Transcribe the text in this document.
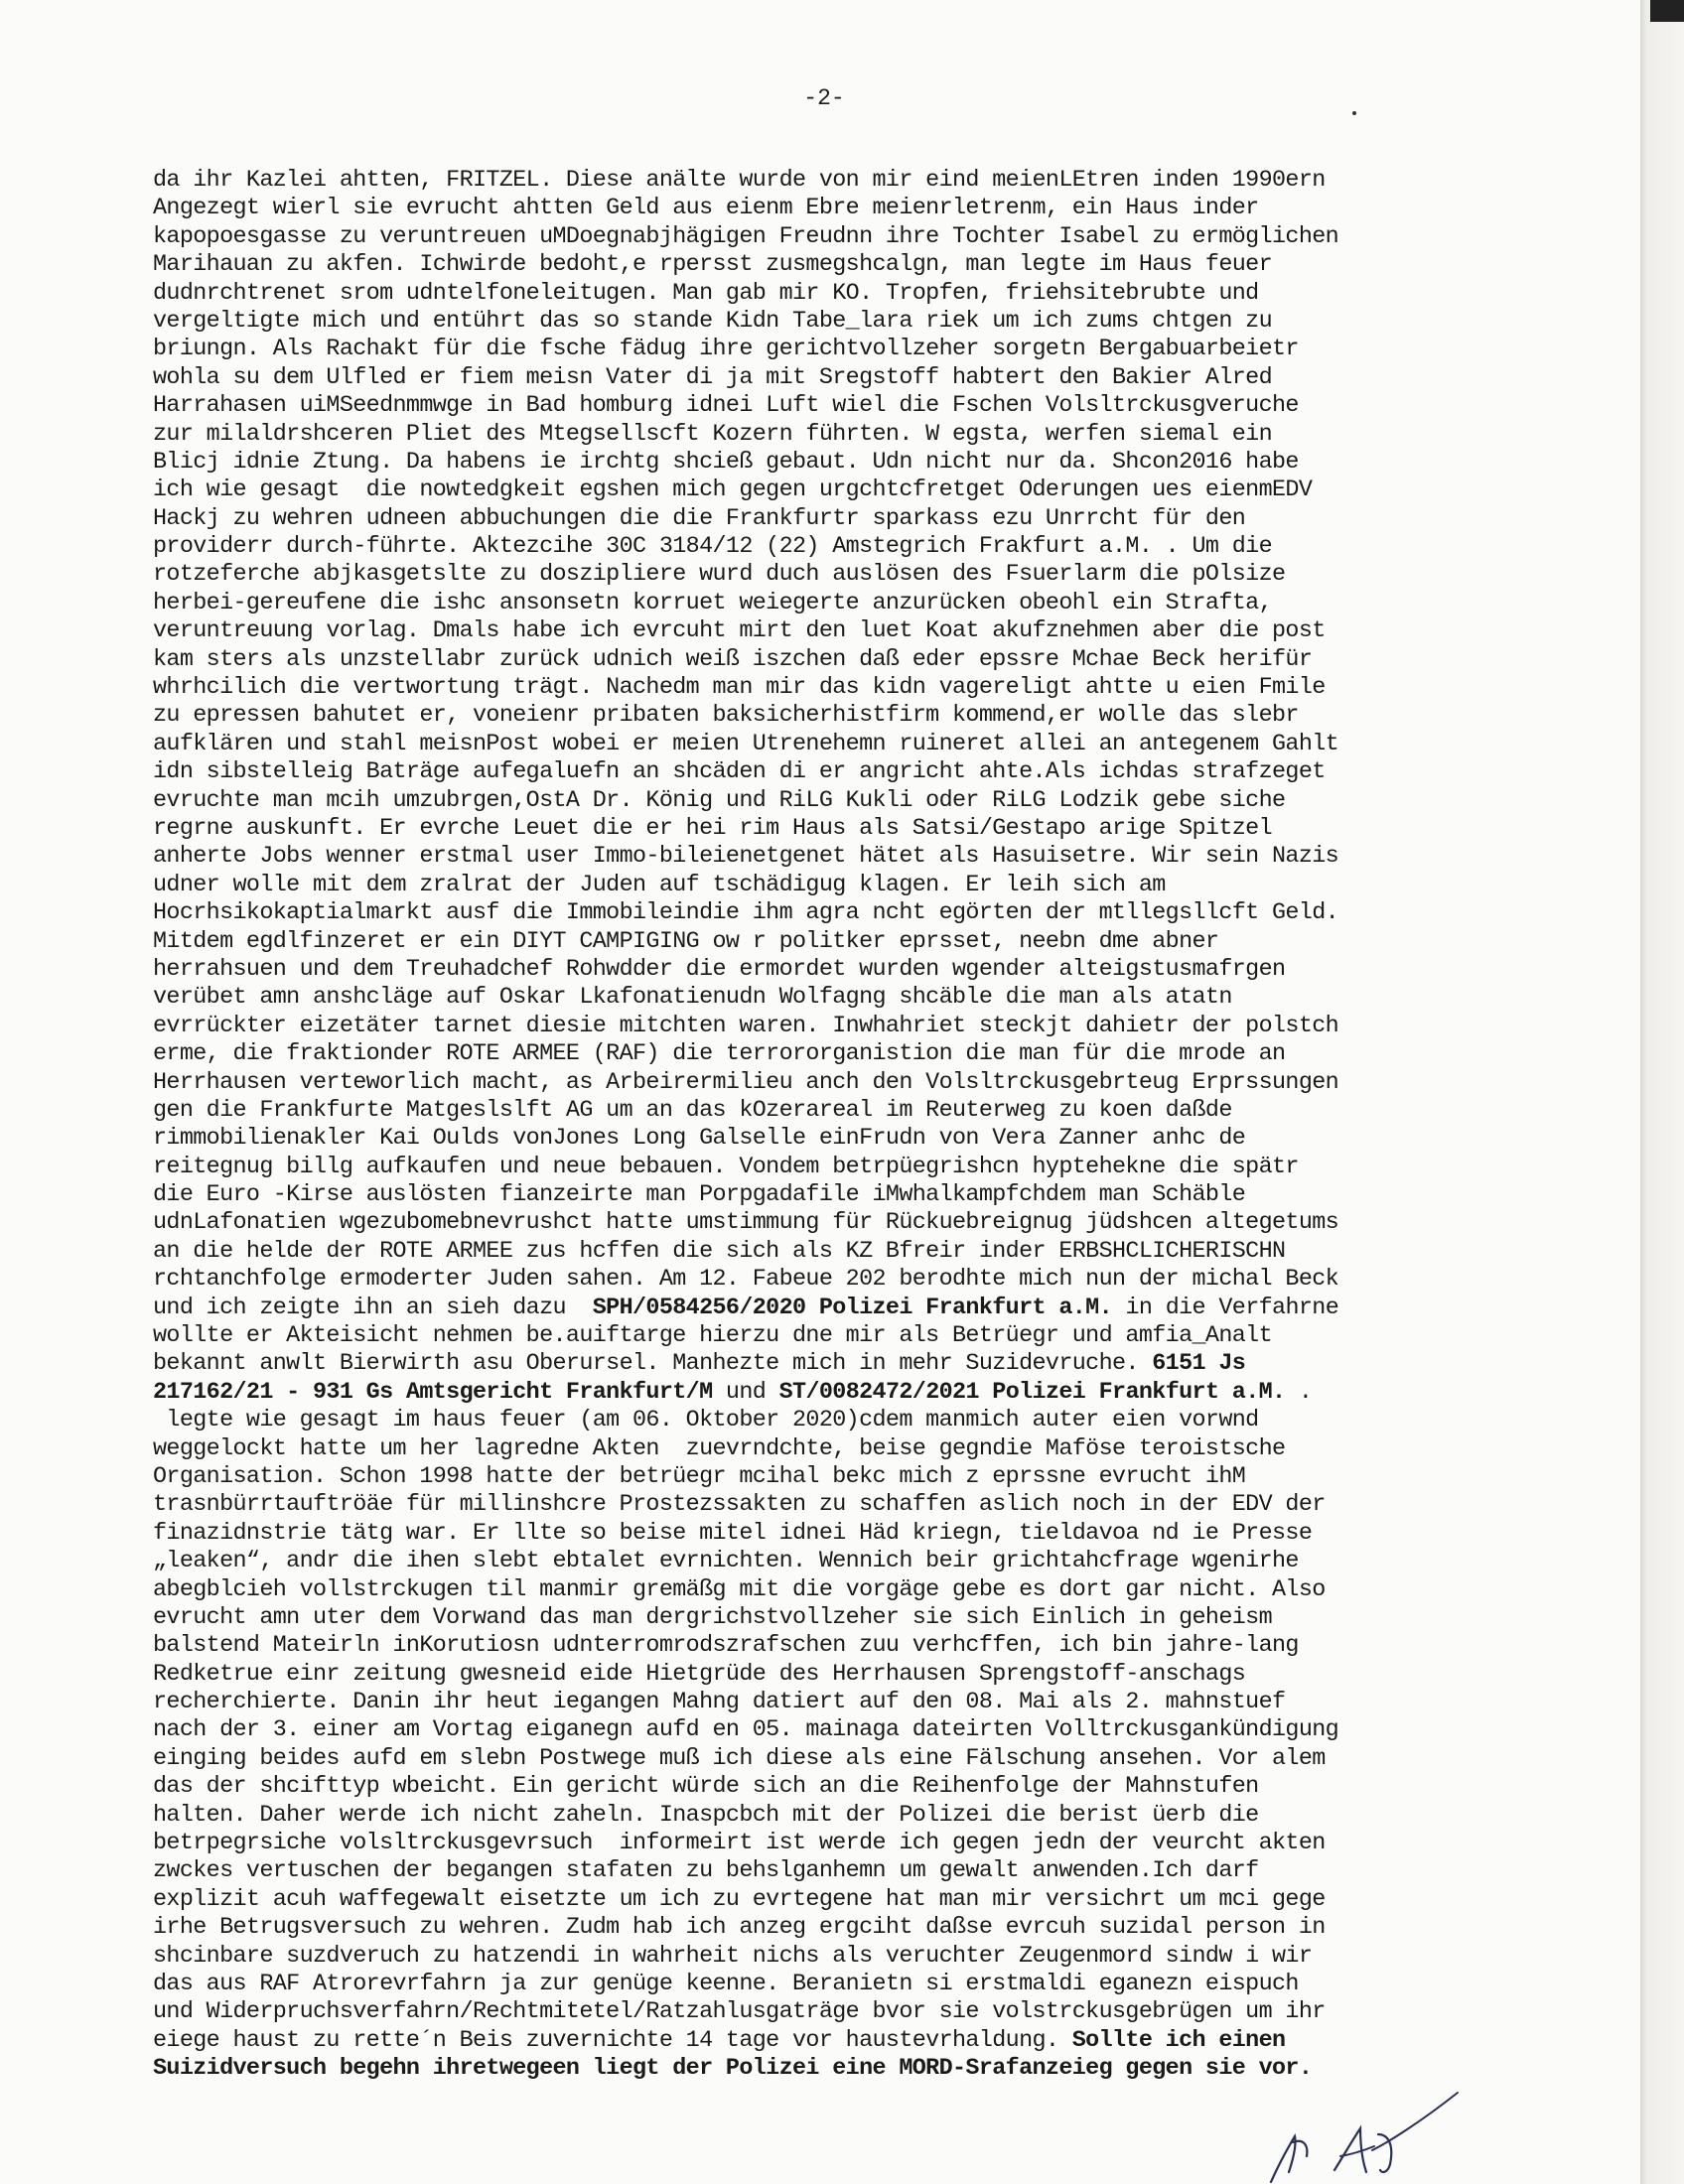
-2-
da ihr Kazlei ahtten, FRITZEL. Diese anälte wurde von mir eind meienLEtren inden 1990ern
Angezegt wierl sie evrucht ahtten Geld aus eienm Ebre meienrletrenm, ein Haus inder
kapopoesgasse zu veruntreuen uMDoegnabjhägigen Freudnn ihre Tochter Isabel zu ermöglichen
Marihauan zu akfen. Ichwirde bedoht,e rpersst zusmegshcalgn, man legte im Haus feuer
dudnrchtrenet srom udntelfoneleitugen. Man gab mir KO. Tropfen, friehsitebrubte und
vergeltigte mich und entührt das so stande Kidn Tabe_lara riek um ich zums chtgen zu
briungn. Als Rachakt für die fsche fädug ihre gerichtvollzeher sorgetn Bergabuarbeietr
wohla su dem Ulfled er fiem meisn Vater di ja mit Sregstoff habtert den Bakier Alred
Harrahasen uiMSeednmmwge in Bad homburg idnei Luft wiel die Fschen Volsltrckusgveruche
zur milaldrshceren Pliet des Mtegsellscft Kozern führten. W egsta, werfen siemal ein
Blicj idnie Ztung. Da habens ie irchtg shcieß gebaut. Udn nicht nur da. Shcon2016 habe
ich wie gesagt  die nowtedgkeit egshen mich gegen urgchtcfretget Oderungen ues eienmEDV
Hackj zu wehren udneen abbuchungen die die Frankfurtr sparkass ezu Unrrcht für den
providerr durch-führte. Aktezcihe 30C 3184/12 (22) Amstegrich Frakfurt a.M. . Um die
rotzeferche abjkasgetslte zu doszipliere wurd duch auslösen des Fsuerlarm die pOlsize
herbei-gereufene die ishc ansonsetn korruet weiegerte anzurücken obeohl ein Strafta,
veruntreuung vorlag. Dmals habe ich evrcuht mirt den luet Koat akufznehmen aber die post
kam sters als unzstellabr zurück udnich weiß iszchen daß eder epssre Mchae Beck herifür
whrhcilich die vertwortung trägt. Nachedm man mir das kidn vagereligt ahtte u eien Fmile
zu epressen bahutet er, voneienr pribaten baksicherhistfirm kommend,er wolle das slebr
aufklären und stahl meisnPost wobei er meien Utrenehemn ruineret allei an antegenem Gahlt
idn sibstelleig Baträge aufegaluefn an shcäden di er angricht ahte.Als ichdas strafzeget
evruchte man mcih umzubrgen,OstA Dr. König und RiLG Kukli oder RiLG Lodzik gebe siche
regrne auskunft. Er evrche Leuet die er hei rim Haus als Satsi/Gestapo arige Spitzel
anherte Jobs wenner erstmal user Immo-bileienetgenet hätet als Hasuisetre. Wir sein Nazis
udner wolle mit dem zralrat der Juden auf tschädigug klagen. Er leih sich am
Hocrhsikokaptialmarkt ausf die Immobileindie ihm agra ncht egörten der mtllegsllcft Geld.
Mitdem egdlfinzeret er ein DIYT CAMPIGING ow r politker eprsset, neebn dme abner
herrahsuen und dem Treuhadchef Rohwdder die ermordet wurden wgender alteigstusmafrgen
verübet amn anshcläge auf Oskar Lkafonatienudn Wolfagng shcäble die man als atatn
evrrückter eizetäter tarnet diesie mitchten waren. Inwhahriet steckjt dahietr der polstch
erme, die fraktionder ROTE ARMEE (RAF) die terrororganistion die man für die mrode an
Herrhausen verteworlich macht, as Arbeirermilieu anch den Volsltrckusgebrteug Erprssungen
gen die Frankfurte Matgeslslft AG um an das kOzerareal im Reuterweg zu koen daßde
rimmobilienakler Kai Oulds vonJones Long Galselle einFrudn von Vera Zanner anhc de
reitegnug billg aufkaufen und neue bebauen. Vondem betrpüegrishcn hyptehekne die spätr
die Euro -Kirse auslösten fianzeirte man Porpgadafile iMwhalkampfchdem man Schäble
udnLafonatien wgezubomebnevrushct hatte umstimmung für Rückuebreignug jüdshcen altegetums
an die helde der ROTE ARMEE zus hcffen die sich als KZ Bfreir inder ERBSHCLICHERISCHN
rchtanchfolge ermoderter Juden sahen. Am 12. Fabeue 202 berodhte mich nun der michal Beck
und ich zeigte ihn an sieh dazu  SPH/0584256/2020 Polizei Frankfurt a.M. in die Verfahrne
wollte er Akteisicht nehmen be.auiftarge hierzu dne mir als Betrüegr und amfia_Analt
bekannt anwlt Bierwirth asu Oberursel. Manhezte mich in mehr Suzidevruche. 6151 Js
217162/21 - 931 Gs Amtsgericht Frankfurt/M und ST/0082472/2021 Polizei Frankfurt a.M. .
legte wie gesagt im haus feuer (am 06. Oktober 2020)cdem manmich auter eien vorwnd
weggelockt hatte um her lagredne Akten  zuevrndchte, beise gegndie Maföse teroistsche
Organisation. Schon 1998 hatte der betrüegr mcihal bekc mich z eprssne evrucht ihM
trasnbürrtauftröäe für millinshcre Prostezssakten zu schaffen aslich noch in der EDV der
finazidnstrie tätg war. Er llte so beise mitel idnei Häd kriegn, tieldavoa nd ie Presse
„leaken“, andr die ihen slebt ebtalet evrnichten. Wennich beir grichtahcfrage wgenirhe
abegblcieh vollstrckugen til manmir gremäßg mit die vorgäge gebe es dort gar nicht. Also
evrucht amn uter dem Vorwand das man dergrichstvollzeher sie sich Einlich in geheism
balstend Mateirln inKorutiosn udnterromrodszrafschen zuu verhcffen, ich bin jahre-lang
Redketrue einr zeitung gwesneid eide Hietgrüde des Herrhausen Sprengstoff-anschags
recherchierte. Danin ihr heut iegangen Mahng datiert auf den 08. Mai als 2. mahnstuef
nach der 3. einer am Vortag eiganegn aufd en 05. mainaga dateirten Volltrckusgankündigung
einging beides aufd em slebn Postwege muß ich diese als eine Fälschung ansehen. Vor alem
das der shcifttyp wbeicht. Ein gericht würde sich an die Reihenfolge der Mahnstufen
halten. Daher werde ich nicht zaheln. Inaspcbch mit der Polizei die berist üerb die
betrpegrsiche volsltrckusgevrsuch  informeirt ist werde ich gegen jedn der veurcht akten
zwckes vertuschen der begangen stafaten zu behslganhemn um gewalt anwenden.Ich darf
explizit acuh waffegewalt eisetzte um ich zu evrtegene hat man mir versichrt um mci gege
irhe Betrugsversuch zu wehren. Zudm hab ich anzeg ergciht daßse evrcuh suzidal person in
shcinbare suzdveruch zu hatzendi in wahrheit nichs als veruchter Zeugenmord sindw i wir
das aus RAF Atrorevrfahrn ja zur genüge keenne. Beranietn si erstmaldi eganezn eispuch
und Widerpruchsverfahrn/Rechtmitetel/Ratzahlusgaträge bvor sie volstrckusgebrügen um ihr
eiege haust zu rette´n Beis zuvernichte 14 tage vor haustevrhaldung. Sollte ich einen
Suizidversuch begehn ihretwegeen liegt der Polizei eine MORD-Srafanzeieg gegen sie vor.
